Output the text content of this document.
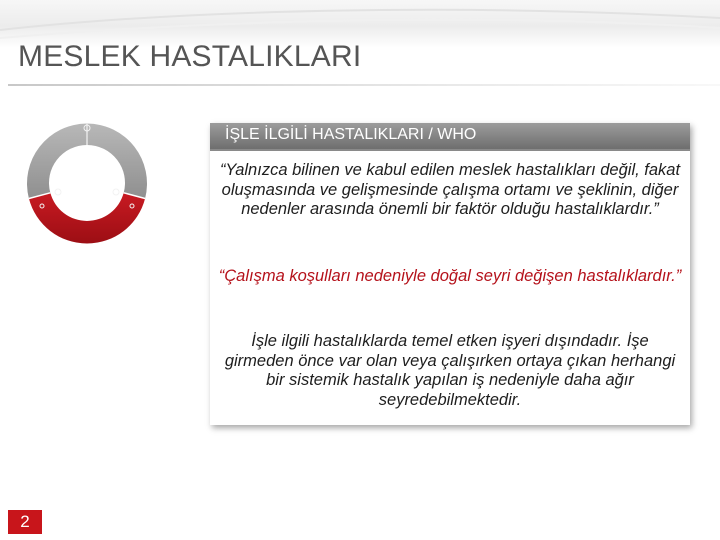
MESLEK HASTALIKLARI
İŞLE İLGİLİ HASTALIKLARI / WHO
“Yalnızca bilinen ve kabul edilen meslek hastalıkları değil, fakat oluşmasında ve gelişmesinde çalışma ortamı ve şeklinin, diğer nedenler arasında önemli bir faktör olduğu hastalıklardır.”
“Çalışma koşulları nedeniyle doğal seyri değişen hastalıklardır.”
İşle ilgili hastalıklarda temel etken işyeri dışındadır. İşe girmeden önce var olan veya çalışırken ortaya çıkan herhangi bir sistemik hastalık yapılan iş nedeniyle daha ağır seyredebilmektedir.
2
